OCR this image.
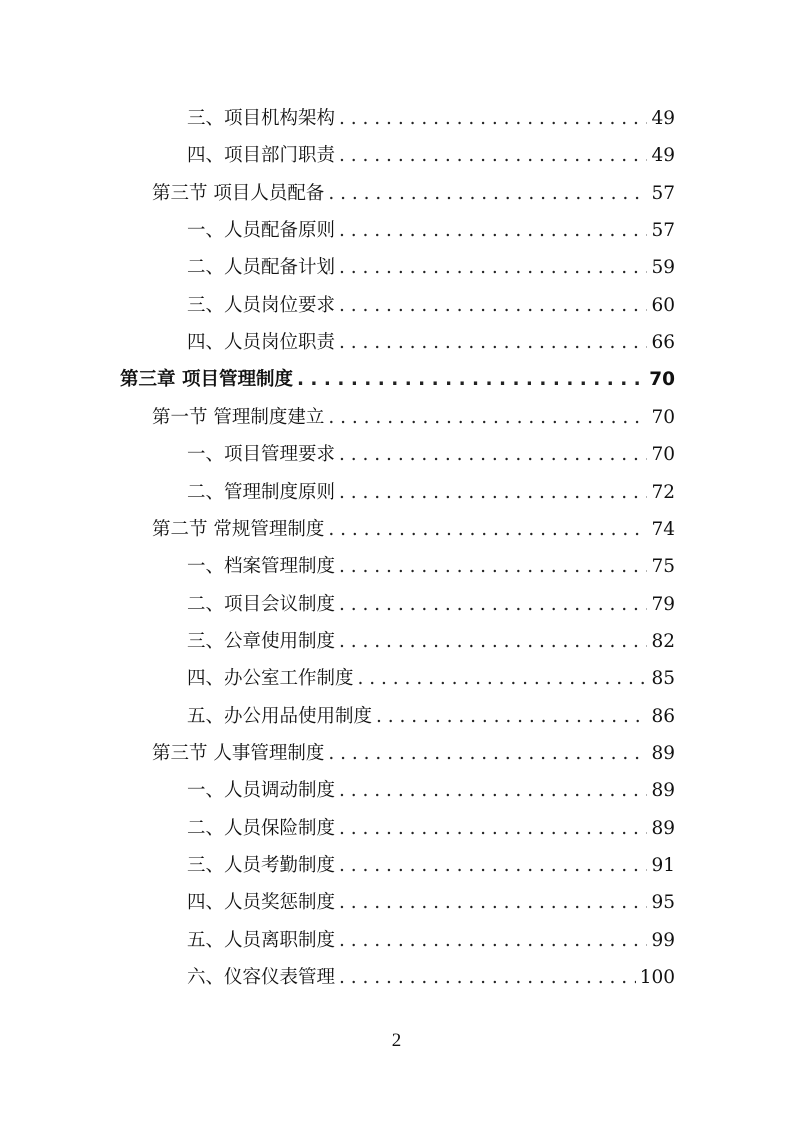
三、项目机构架构 . . .	49
四、项目部门职责 . . .	49
第三节 项目人员配备 . . .	57
一、人员配备原则 . . .	57
二、人员配备计划 . . .	59
三、人员岗位要求 . . .	60
四、人员岗位职责 . . .	66
第三章 项目管理制度 . . .	70
第一节 管理制度建立 . . .	70
一、项目管理要求 . . .	70
二、管理制度原则 . . .	72
第二节 常规管理制度 . . .	74
一、档案管理制度 . . .	75
二、项目会议制度 . . .	79
三、公章使用制度 . . .	82
四、办公室工作制度 . . .	85
五、办公用品使用制度 . . .	86
第三节 人事管理制度 . . .	89
一、人员调动制度 . . .	89
二、人员保险制度 . . .	89
三、人员考勤制度 . . .	91
四、人员奖惩制度 . . .	95
五、人员离职制度 . . .	99
六、仪容仪表管理 . . .	100
2
